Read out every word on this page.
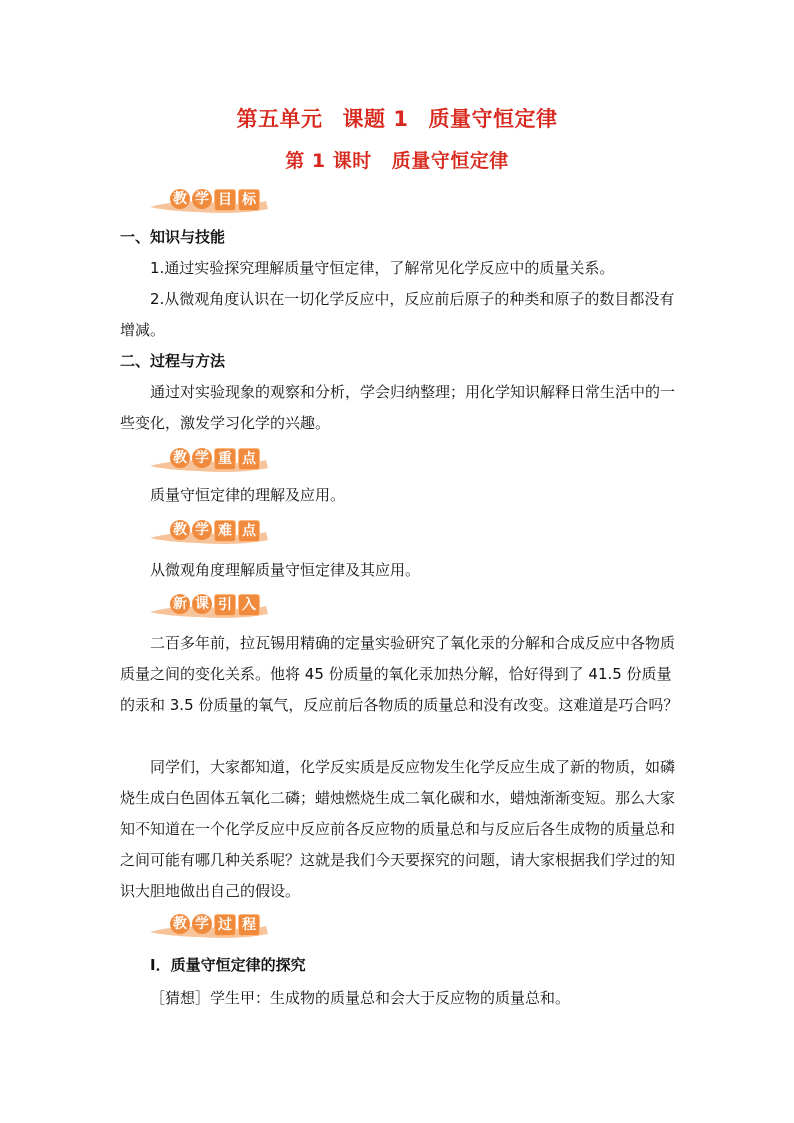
第五单元 课题 1 质量守恒定律
第 1 课时 质量守恒定律
教 学 目 标
一、知识与技能
1.通过实验探究理解质量守恒定律，了解常见化学反应中的质量关系。
2.从微观角度认识在一切化学反应中，反应前后原子的种类和原子的数目都没有增减。
二、过程与方法
通过对实验现象的观察和分析，学会归纳整理；用化学知识解释日常生活中的一些变化，激发学习化学的兴趣。
教 学 重 点
质量守恒定律的理解及应用。
教 学 难 点
从微观角度理解质量守恒定律及其应用。
新 课 引 入
二百多年前，拉瓦锡用精确的定量实验研究了氧化汞的分解和合成反应中各物质质量之间的变化关系。他将 45 份质量的氧化汞加热分解，恰好得到了 41.5 份质量的汞和 3.5 份质量的氧气，反应前后各物质的质量总和没有改变。这难道是巧合吗？
同学们，大家都知道，化学反实质是反应物发生化学反应生成了新的物质，如磷烧生成白色固体五氧化二磷；蜡烛燃烧生成二氧化碳和水，蜡烛渐渐变短。那么大家知不知道在一个化学反应中反应前各反应物的质量总和与反应后各生成物的质量总和之间可能有哪几种关系呢？这就是我们今天要探究的问题，请大家根据我们学过的知识大胆地做出自己的假设。
教 学 过 程
Ⅰ．质量守恒定律的探究
［猜想］学生甲：生成物的质量总和会大于反应物的质量总和。
